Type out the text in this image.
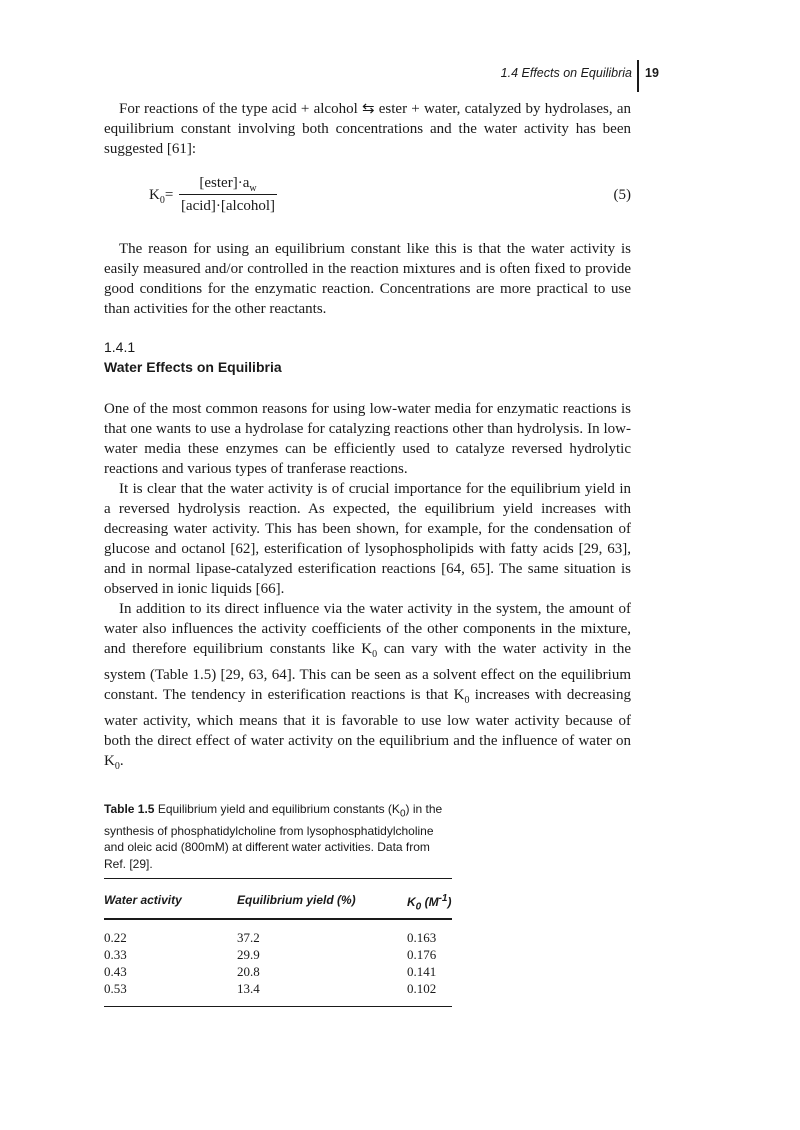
1.4 Effects on Equilibria 19

For reactions of the type acid + alcohol ⇆ ester + water, catalyzed by hydrolases, an equilibrium constant involving both concentrations and the water activity has been suggested [61]:

$K_0=$
$[ester]\cdot a_w$
[acid]·[alcohol]
(5)

The reason for using an equilibrium constant like this is that the water activity is easily measured and/or controlled in the reaction mixtures and is often fixed to provide good conditions for the enzymatic reaction. Concentrations are more practical to use than activities for the other reactants.

1.4.1
Water Effects on Equilibria

One of the most common reasons for using low-water media for enzymatic reactions is that one wants to use a hydrolase for catalyzing reactions other than hydrolysis. In low-water media these enzymes can be efficiently used to catalyze reversed hydrolytic reactions and various types of tranferase reactions.

It is clear that the water activity is of crucial importance for the equilibrium yield in a reversed hydrolysis reaction. As expected, the equilibrium yield increases with decreasing water activity. This has been shown, for example, for the condensation of glucose and octanol [62], esterification of lysophospholipids with fatty acids [29, 63], and in normal lipase-catalyzed esterification reactions [64, 65]. The same situation is observed in ionic liquids [66].

In addition to its direct influence via the water activity in the system, the amount of water also influences the activity coefficients of the other components in the mixture, and therefore equilibrium constants like $K_0$ can vary with the water activity in the system (Table 1.5) [29, 63, 64]. This can be seen as a solvent effect on the equilibrium constant. The tendency in esterification reactions is that $K_0$ increases with decreasing water activity, which means that it is favorable to use low water activity because of both the direct effect of water activity on the equilibrium and the influence of water on $K_0$.

Table 1.5 Equilibrium yield and equilibrium constants $(K_0)$ in the synthesis of phosphatidylcholine from lysophosphatidylcholine and oleic acid (800mM) at different water activities. Data from Ref. [29].
Water activity	Equilibrium yield (%)	$K_0$ $(M^{-1})$
0.22	37.2	0.163
0.33	29.9	0.176
0.43	20.8	0.141
0.53	13.4	0.102
